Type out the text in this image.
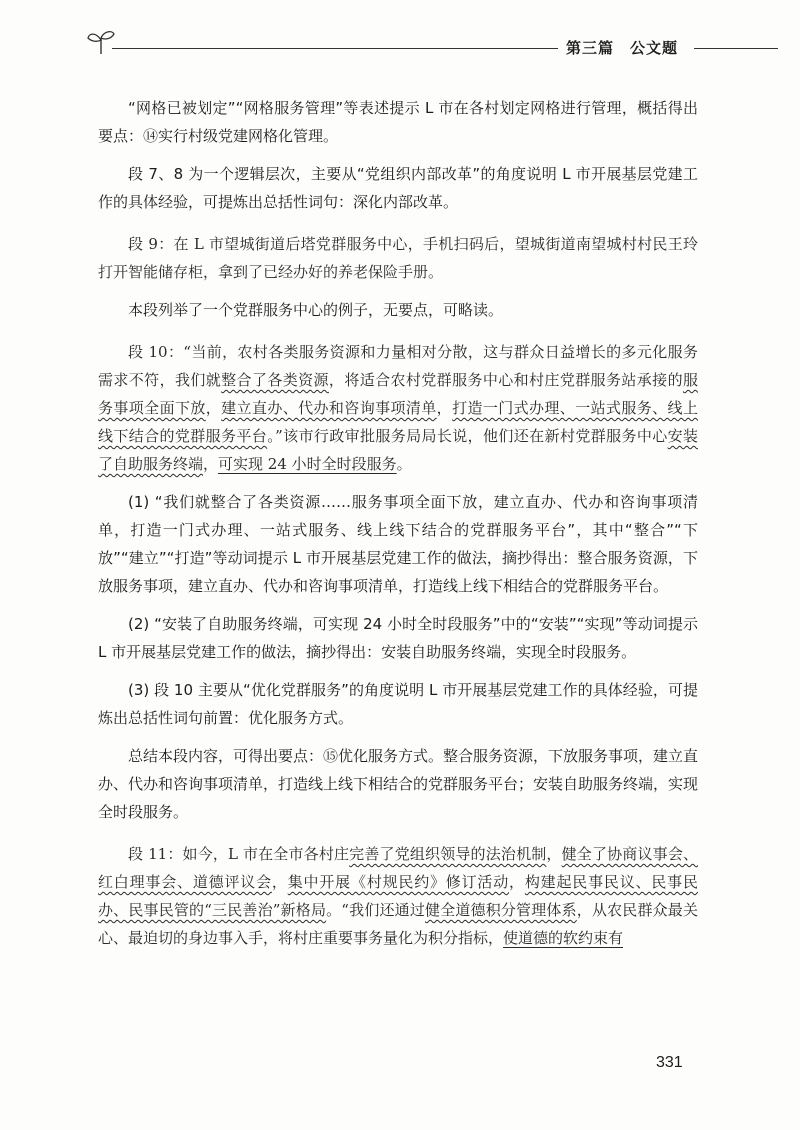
第三篇 公文题

“网格已被划定”“网格服务管理”等表述提示 L 市在各村划定网格进行管理，概括得出要点：⑭实行村级党建网格化管理。

段 7、8 为一个逻辑层次，主要从“党组织内部改革”的角度说明 L 市开展基层党建工作的具体经验，可提炼出总括性词句：深化内部改革。

段 9：在 L 市望城街道后塔党群服务中心，手机扫码后，望城街道南望城村村民王玲打开智能储存柜，拿到了已经办好的养老保险手册。

本段列举了一个党群服务中心的例子，无要点，可略读。

段 10：“当前，农村各类服务资源和力量相对分散，这与群众日益增长的多元化服务需求不符，我们就整合了各类资源，将适合农村党群服务中心和村庄党群服务站承接的服务事项全面下放，建立直办、代办和咨询事项清单，打造一门式办理、一站式服务、线上线下结合的党群服务平台。”该市行政审批服务局局长说，他们还在新村党群服务中心安装了自助服务终端，可实现 24 小时全时段服务。

(1) “我们就整合了各类资源……服务事项全面下放，建立直办、代办和咨询事项清单，打造一门式办理、一站式服务、线上线下结合的党群服务平台”，其中“整合”“下放”“建立”“打造”等动词提示 L 市开展基层党建工作的做法，摘抄得出：整合服务资源，下放服务事项，建立直办、代办和咨询事项清单，打造线上线下相结合的党群服务平台。

(2) “安装了自助服务终端，可实现 24 小时全时段服务”中的“安装”“实现”等动词提示 L 市开展基层党建工作的做法，摘抄得出：安装自助服务终端，实现全时段服务。

(3) 段 10 主要从“优化党群服务”的角度说明 L 市开展基层党建工作的具体经验，可提炼出总括性词句前置：优化服务方式。

总结本段内容，可得出要点：⑮优化服务方式。整合服务资源，下放服务事项，建立直办、代办和咨询事项清单，打造线上线下相结合的党群服务平台；安装自助服务终端，实现全时段服务。

段 11：如今，L 市在全市各村庄完善了党组织领导的法治机制，健全了协商议事会、红白理事会、道德评议会，集中开展《村规民约》修订活动，构建起民事民议、民事民办、民事民管的“三民善治”新格局。“我们还通过健全道德积分管理体系，从农民群众最关心、最迫切的身边事入手，将村庄重要事务量化为积分指标，使道德的软约束有

331
